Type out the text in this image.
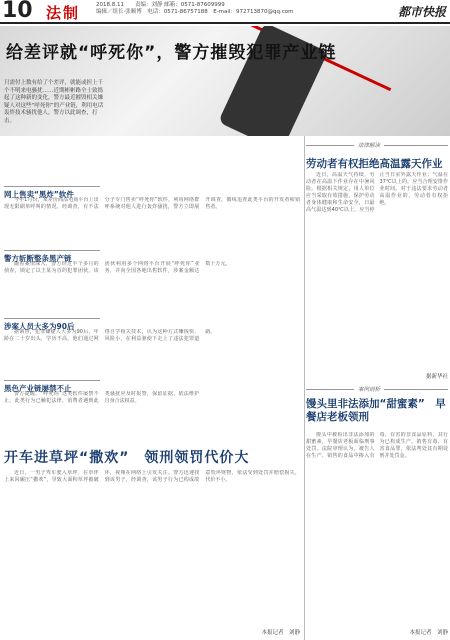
10 法制	2018.8.11　　责编：刘静 邮箱：0571-87609999
编辑／组长·张顺博　电话：0571-86757188　E-mail：972713870@qq.com	都市快报
给差评就“呼死你”，警方摧毁犯罪产业链
只需付上数有给了个差评，就能或担上千个不明来电骚扰……近期彬彬路全士致捣起了这种新的变化，警方最近摧毁相关嫌疑人对这些“呼死你”的产业链，利用电话轰炸技术骚扰他人，警方以此调查，打击。
网上售卖“黑炸”软件

今年1月份，某差价商品电商平台上出现无限刷单呼叫的情况，经调查，有不法分子专门售卖“呼死你”软件，利用网络群呼系统对他人进行轰炸骚扰，警方立即展开调查，循线追查此类平台的开发者和销售者。

警方斩断整条黑产链

随着案情深入，警方经过半个多月的侦查，锁定了以王某为首的犯罪团伙，该团伙利用多个网络平台开展“呼死你”业务，并向全国各地出售软件，涉案金额达数十万元。

涉案人员大多为90后

据调查，犯罪嫌疑人大多为90后，年龄在二十岁出头，学历不高，他们通过网络自学相关技术，认为这种方式赚钱快，风险小，在利益驱使下走上了违法犯罪道路。

黑色产业链屡禁不止

警方提醒，“呼死你”这类软件屡禁不止，此类行为已触犯法律，消费者遇到此类骚扰应及时报警，保留证据，依法维护自身合法权益。

开车进草坪“撒欢”　领刑领罚代价大

近日，一男子驾车驶入草坪，在草坪上来回碾压“撒欢”，导致大面积草坪被破坏，视频在网络上引发关注。警方迅速找到该男子，经调查，该男子行为已构成故意毁坏财物，依法受到处罚并赔偿损失，代价不小。

本报记者　刘静
法律解读
劳动者有权拒绝高温露天作业

近日，高温天气持续，劳动者在高温下作业存在中暑风险。根据相关规定，用人单位应当采取有效措施，保护劳动者身体健康和生命安全，日最高气温达到40℃以上，应当停止当日室外露天作业；气温在37℃以上的，应当合理安排作业时间。对于违法要求劳动者高温作业的，劳动者有权拒绝。

据新华社
案例剖析
馒头里非法添加“甜蜜素”　早餐店老板领刑

馒头中被检出非法添加的甜蜜素，早餐店老板面临刑事处罚。法院审理认为，被告人在生产、销售的食品中掺入有毒、有害的非食品原料，其行为已构成生产、销售有毒、有害食品罪，依法判处其有期徒刑并处罚金。

本报记者　刘静
